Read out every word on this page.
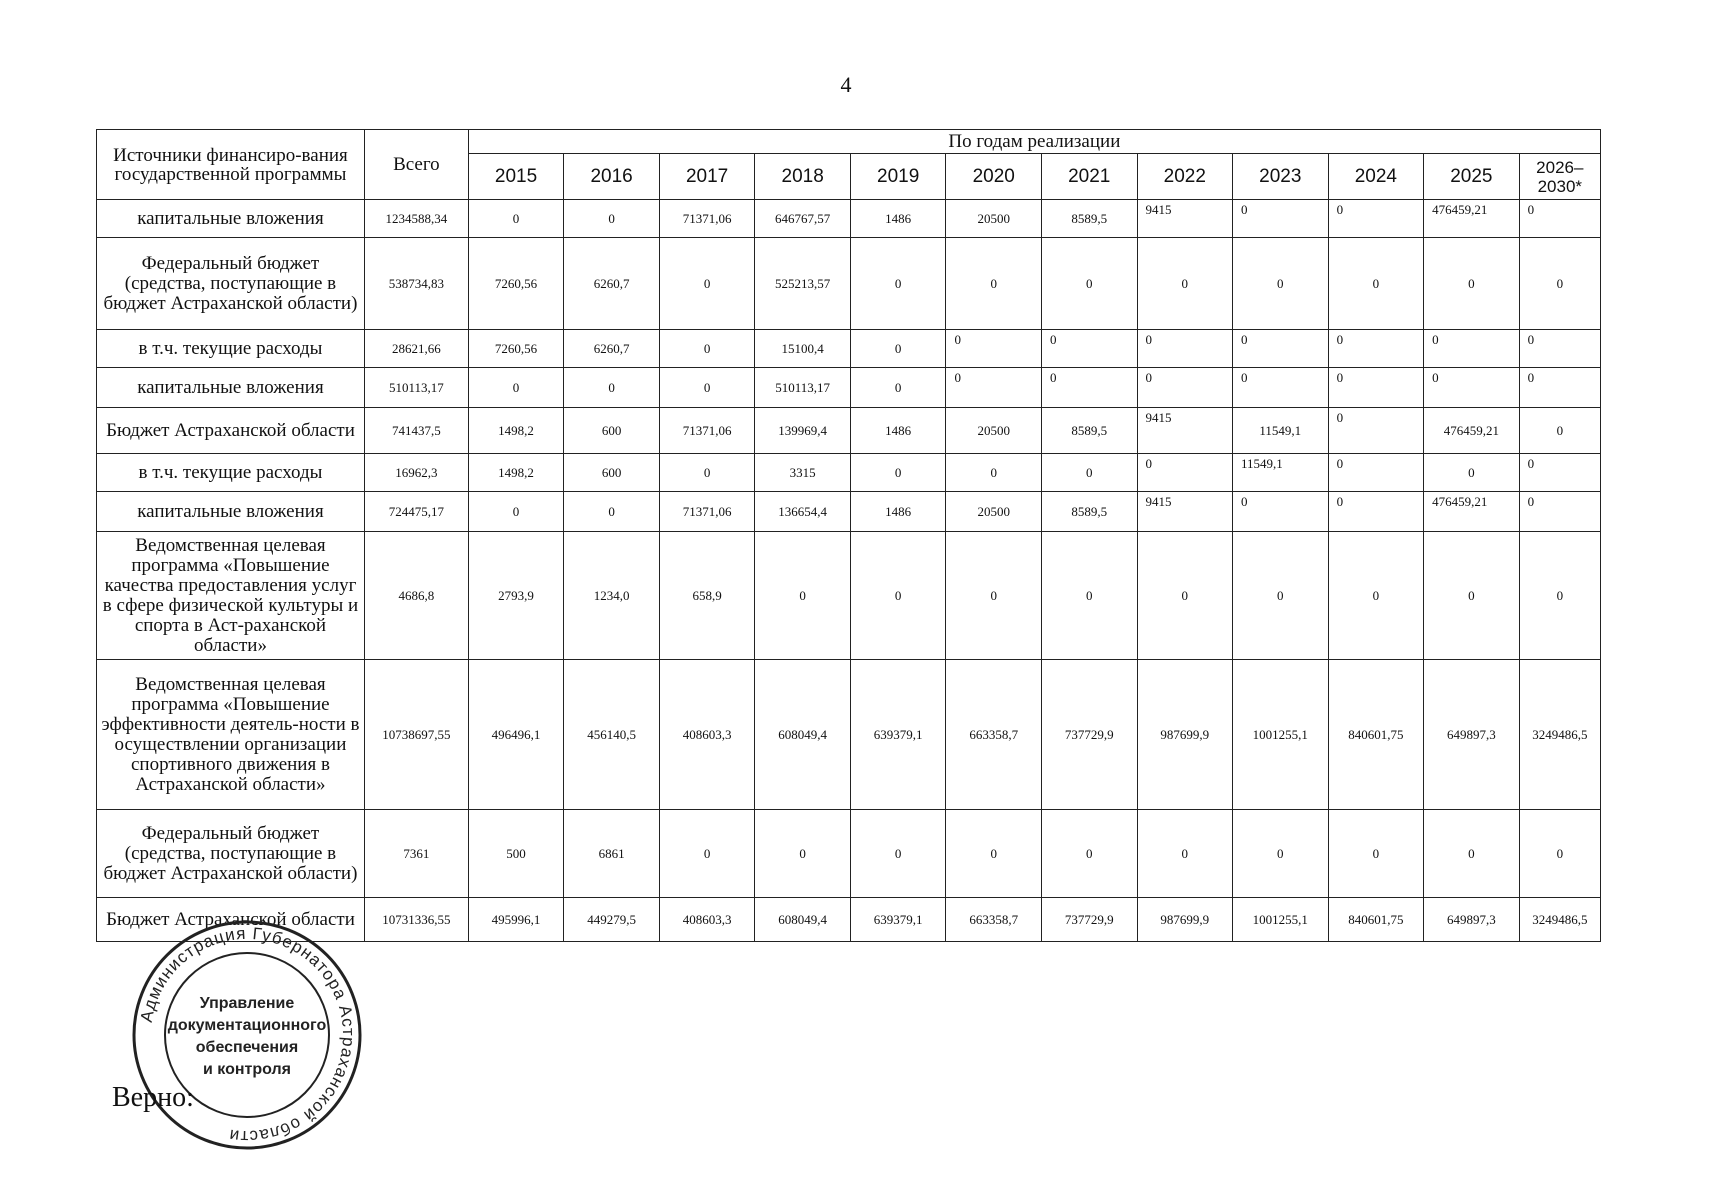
4
Источники финансиро-вания государственной программы	Всего	По годам реализации											
		2015	2016	2017	2018	2019	2020	2021	2022	2023	2024	2025	2026–2030*
капитальные вложения	1234588,34	0	0	71371,06	646767,57	1486	20500	8589,5	9415	0	0	476459,21	0
Федеральный бюджет (средства, поступающие в бюджет Астраханской области)	538734,83	7260,56	6260,7	0	525213,57	0	0	0	0	0	0	0	0
в т.ч. текущие расходы	28621,66	7260,56	6260,7	0	15100,4	0	0	0	0	0	0	0	0
капитальные вложения	510113,17	0	0	0	510113,17	0	0	0	0	0	0	0	0
Бюджет Астраханской области	741437,5	1498,2	600	71371,06	139969,4	1486	20500	8589,5	9415	11549,1	0	476459,21	0
в т.ч. текущие расходы	16962,3	1498,2	600	0	3315	0	0	0	0	11549,1	0	0	0
капитальные вложения	724475,17	0	0	71371,06	136654,4	1486	20500	8589,5	9415	0	0	476459,21	0
Ведомственная целевая программа «Повышение качества предоставления услуг в сфере физической культуры и спорта в Аст-раханской области»	4686,8	2793,9	1234,0	658,9	0	0	0	0	0	0	0	0	0
Ведомственная целевая программа «Повышение эффективности деятель-ности в осуществлении организации спортивного движения в Астраханской области»	10738697,55	496496,1	456140,5	408603,3	608049,4	639379,1	663358,7	737729,9	987699,9	1001255,1	840601,75	649897,3	3249486,5
Федеральный бюджет (средства, поступающие в бюджет Астраханской области)	7361	500	6861	0	0	0	0	0	0	0	0	0	0
Бюджет Астраханской области	10731336,55	495996,1	449279,5	408603,3	608049,4	639379,1	663358,7	737729,9	987699,9	1001255,1	840601,75	649897,3	3249486,5
Администрация Губернатора Астраханской области
Управление
документационного
обеспечения
и контроля
Верно:
